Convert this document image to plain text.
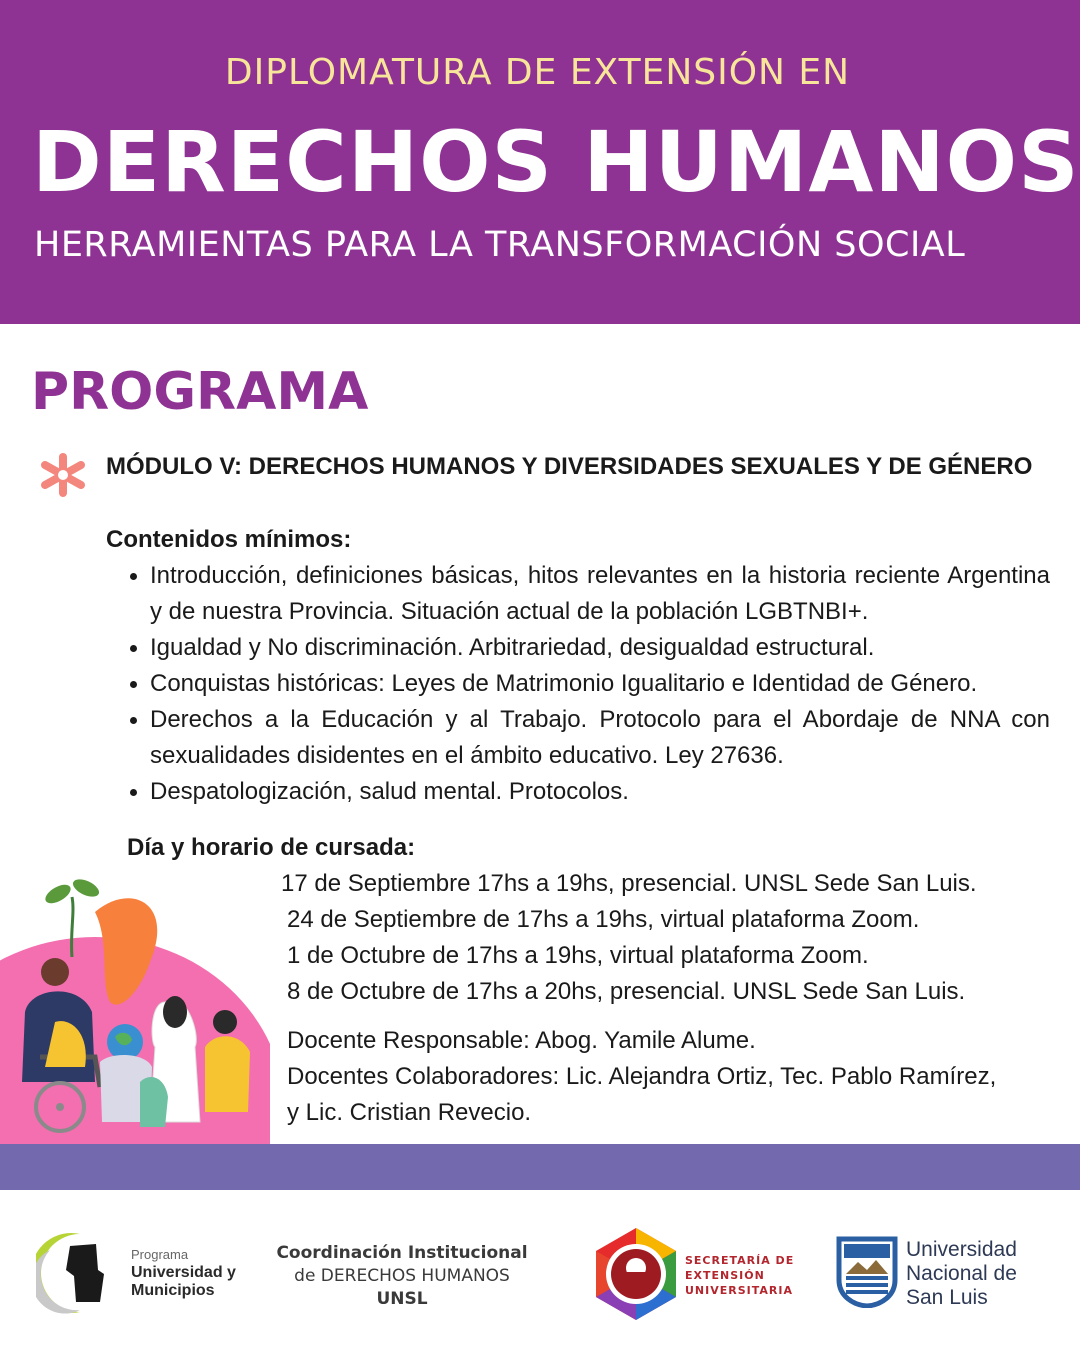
DIPLOMATURA DE EXTENSIÓN EN
DERECHOS HUMANOS
HERRAMIENTAS PARA LA TRANSFORMACIÓN SOCIAL
PROGRAMA
MÓDULO V: DERECHOS HUMANOS Y DIVERSIDADES SEXUALES Y DE GÉNERO
Contenidos mínimos:
Introducción, definiciones básicas, hitos relevantes en la historia reciente Argentina y de nuestra Provincia. Situación actual de la población LGBTNBI+.
Igualdad y No discriminación. Arbitrariedad, desigualdad estructural.
Conquistas históricas: Leyes de Matrimonio Igualitario e Identidad de Género.
Derechos a la Educación y al Trabajo. Protocolo para el Abordaje de NNA con sexualidades disidentes en el ámbito educativo. Ley 27636.
Despatologización, salud mental. Protocolos.
Día y horario de cursada:
17 de Septiembre 17hs a 19hs, presencial. UNSL Sede San Luis.
24 de Septiembre de 17hs a 19hs, virtual plataforma Zoom.
1 de Octubre de 17hs a 19hs, virtual plataforma Zoom.
8 de Octubre de 17hs a 20hs, presencial. UNSL Sede San Luis.
Docente Responsable: Abog. Yamile Alume.
Docentes Colaboradores: Lic. Alejandra Ortiz, Tec. Pablo Ramírez,
y Lic. Cristian Revecio.
Programa
Universidad y
Municipios
Coordinación Institucional
de DERECHOS HUMANOS
UNSL
SECRETARÍA DE
EXTENSIÓN
UNIVERSITARIA
Universidad
Nacional de
San Luis
